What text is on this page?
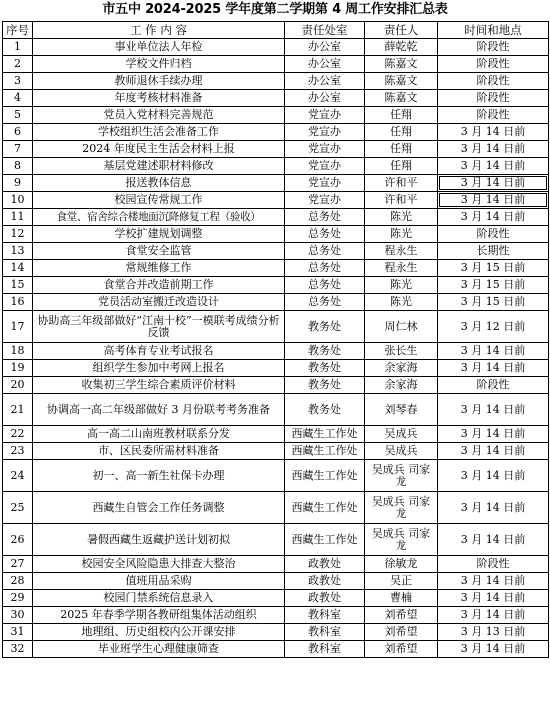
市五中 2024-2025 学年度第二学期第 4 周工作安排汇总表
序号	工 作 内 容	责任处室	责任人	时间和地点
1	事业单位法人年检	办公室	薛乾乾	阶段性
2	学校文件归档	办公室	陈嘉文	阶段性
3	教师退休手续办理	办公室	陈嘉文	阶段性
4	年度考核材料准备	办公室	陈嘉文	阶段性
5	党员入党材料完善规范	党宣办	任翔	阶段性
6	学校组织生活会准备工作	党宣办	任翔	3 月 14 日前
7	2024 年度民主生活会材料上报	党宣办	任翔	3 月 14 日前
8	基层党建述职材料修改	党宣办	任翔	3 月 14 日前
9	报送教体信息	党宣办	许和平	3 月 14 日前

10	校园宣传常规工作	党宣办	许和平	3 月 14 日前

11	食堂、宿舍综合楼地面沉降修复工程（验收）	总务处	陈光	3 月 14 日前
12	学校扩建规划调整	总务处	陈光	阶段性
13	食堂安全监管	总务处	程永生	长期性
14	常规维修工作	总务处	程永生	3 月 15 日前
15	食堂合并改造前期工作	总务处	陈光	3 月 15 日前
16	党员活动室搬迁改造设计	总务处	陈光	3 月 15 日前
17	协助高三年级部做好“江南十校”一模联考成绩分析反馈	教务处	周仁林	3 月 12 日前
18	高考体育专业考试报名	教务处	张长生	3 月 14 日前
19	组织学生参加中考网上报名	教务处	余家海	3 月 14 日前
20	收集初三学生综合素质评价材料	教务处	余家海	阶段性
21	协调高一高二年级部做好 3 月份联考考务准备	教务处	刘琴春	3 月 14 日前
22	高一高二山南班教材联系分发	西藏生工作处	吴成兵	3 月 14 日前
23	市、区民委所需材料准备	西藏生工作处	吴成兵	3 月 14 日前
24	初一、高一新生社保卡办理	西藏生工作处	吴成兵 司家龙	3 月 14 日前
25	西藏生自管会工作任务调整	西藏生工作处	吴成兵 司家龙	3 月 14 日前
26	暑假西藏生返藏护送计划初拟	西藏生工作处	吴成兵 司家龙	3 月 14 日前
27	校园安全风险隐患大排查大整治	政教处	徐敏龙	阶段性
28	值班用品采购	政教处	吴正	3 月 14 日前
29	校园门禁系统信息录入	政教处	曹楠	3 月 14 日前
30	2025 年春季学期各教研组集体活动组织	教科室	刘希望	3 月 14 日前
31	地理组、历史组校内公开课安排	教科室	刘希望	3 月 13 日前
32	毕业班学生心理健康筛查	教科室	刘希望	3 月 14 日前
